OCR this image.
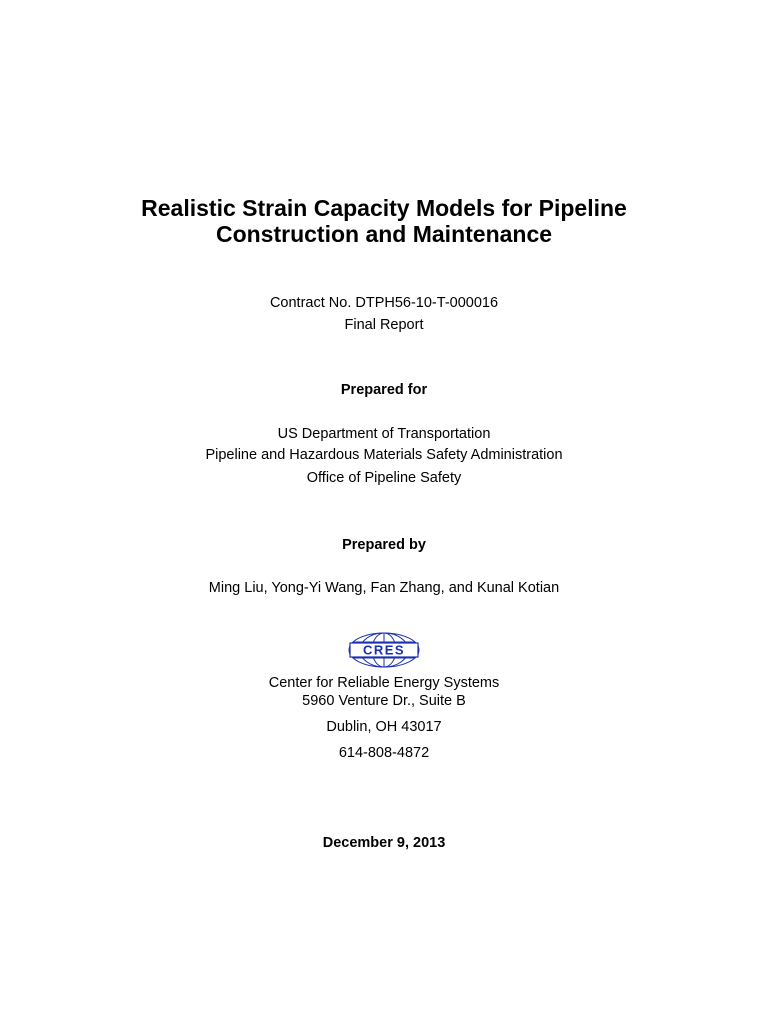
Realistic Strain Capacity Models for Pipeline
Construction and Maintenance
Contract No. DTPH56-10-T-000016
Final Report
Prepared for
US Department of Transportation
Pipeline and Hazardous Materials Safety Administration
Office of Pipeline Safety
Prepared by
Ming Liu, Yong-Yi Wang, Fan Zhang, and Kunal Kotian
CRES
Center for Reliable Energy Systems
5960 Venture Dr., Suite B
Dublin, OH 43017
614-808-4872
December 9, 2013
